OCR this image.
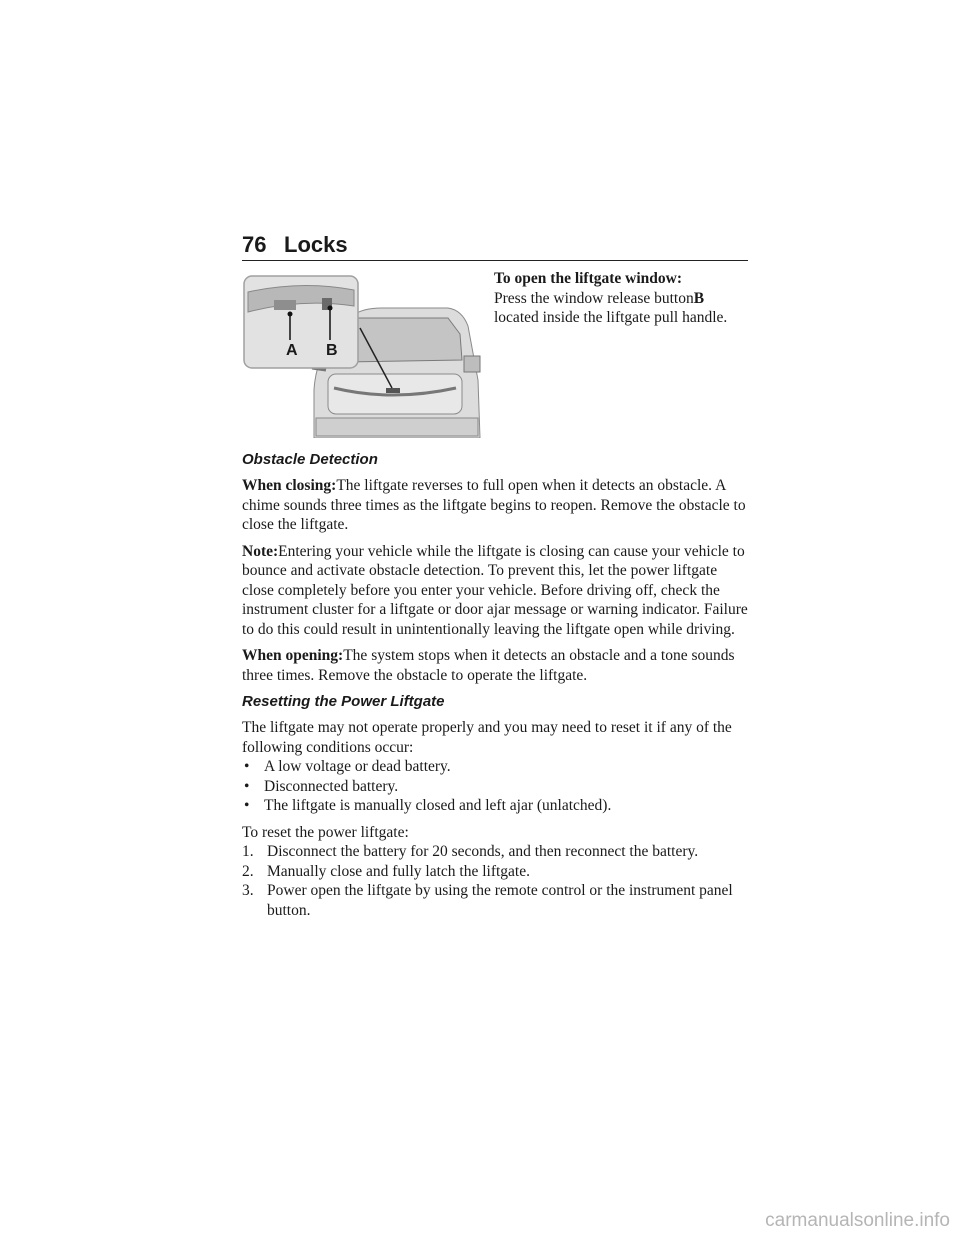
76 Locks
A B

To open the liftgate window:

Press the window release buttonB located inside the liftgate pull handle.

Obstacle Detection

When closing:The liftgate reverses to full open when it detects an obstacle. A chime sounds three times as the liftgate begins to reopen. Remove the obstacle to close the liftgate.

Note:Entering your vehicle while the liftgate is closing can cause your vehicle to bounce and activate obstacle detection. To prevent this, let the power liftgate close completely before you enter your vehicle. Before driving off, check the instrument cluster for a liftgate or door ajar message or warning indicator. Failure to do this could result in unintentionally leaving the liftgate open while driving.

When opening:The system stops when it detects an obstacle and a tone sounds three times. Remove the obstacle to operate the liftgate.

Resetting the Power Liftgate

The liftgate may not operate properly and you may need to reset it if any of the following conditions occur:

• A low voltage or dead battery.
• Disconnected battery.
• The liftgate is manually closed and left ajar (unlatched).

To reset the power liftgate:

1. Disconnect the battery for 20 seconds, and then reconnect the battery.
2. Manually close and fully latch the liftgate.
3. Power open the liftgate by using the remote control or the instrument panel button.
carmanualsonline.info
